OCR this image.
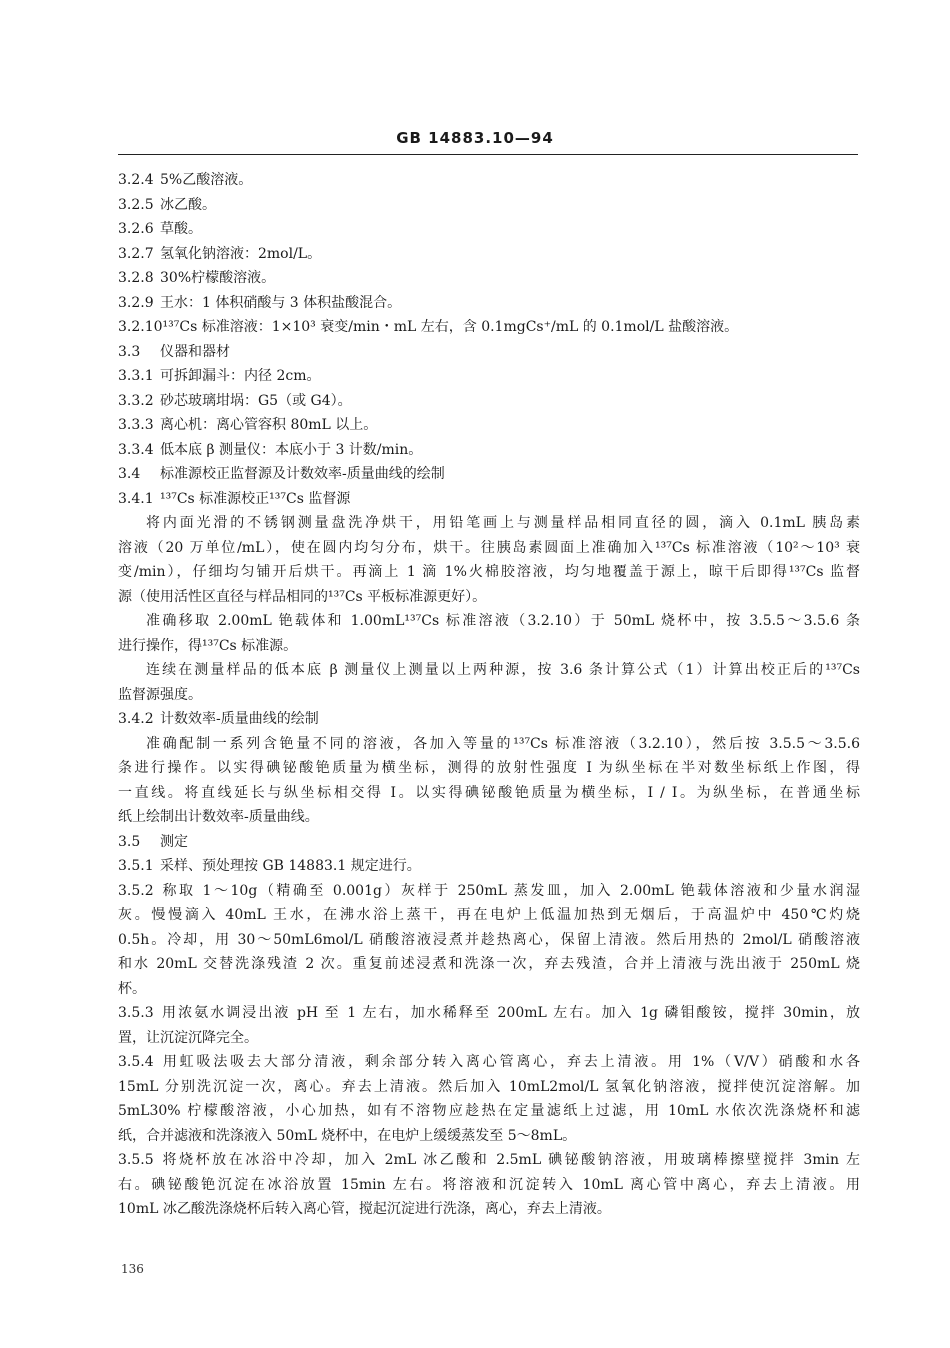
GB 14883.10—94
3.2.4 5%乙酸溶液。
3.2.5 冰乙酸。
3.2.6 草酸。
3.2.7 氢氧化钠溶液：2mol/L。
3.2.8 30%柠檬酸溶液。
3.2.9 王水：1 体积硝酸与 3 体积盐酸混合。
3.2.10¹³⁷Cs 标准溶液：1×10³ 衰变/min・mL 左右，含 0.1mgCs⁺/mL 的 0.1mol/L 盐酸溶液。
3.3 仪器和器材
3.3.1 可拆卸漏斗：内径 2cm。
3.3.2 砂芯玻璃坩埚：G5（或 G4）。
3.3.3 离心机：离心管容积 80mL 以上。
3.3.4 低本底 β 测量仪：本底小于 3 计数/min。
3.4 标准源校正监督源及计数效率-质量曲线的绘制
3.4.1 ¹³⁷Cs 标准源校正¹³⁷Cs 监督源
将内面光滑的不锈钢测量盘洗净烘干，用铅笔画上与测量样品相同直径的圆，滴入 0.1mL 胰岛素
溶液（20 万单位/mL），使在圆内均匀分布，烘干。往胰岛素圆面上准确加入¹³⁷Cs 标准溶液（10²～10³ 衰
变/min），仔细均匀铺开后烘干。再滴上 1 滴 1%火棉胶溶液，均匀地覆盖于源上，晾干后即得¹³⁷Cs 监督
源（使用活性区直径与样品相同的¹³⁷Cs 平板标准源更好）。
准确移取 2.00mL 铯载体和 1.00mL¹³⁷Cs 标准溶液（3.2.10）于 50mL 烧杯中，按 3.5.5～3.5.6 条
进行操作，得¹³⁷Cs 标准源。
连续在测量样品的低本底 β 测量仪上测量以上两种源，按 3.6 条计算公式（1）计算出校正后的¹³⁷Cs
监督源强度。
3.4.2 计数效率-质量曲线的绘制
准确配制一系列含铯量不同的溶液，各加入等量的¹³⁷Cs 标准溶液（3.2.10），然后按 3.5.5～3.5.6
条进行操作。以实得碘铋酸铯质量为横坐标，测得的放射性强度 I 为纵坐标在半对数坐标纸上作图，得
一直线。将直线延长与纵坐标相交得 I。以实得碘铋酸铯质量为横坐标，I / I。为纵坐标，在普通坐标
纸上绘制出计数效率-质量曲线。
3.5 测定
3.5.1 采样、预处理按 GB 14883.1 规定进行。
3.5.2 称取 1～10g（精确至 0.001g）灰样于 250mL 蒸发皿，加入 2.00mL 铯载体溶液和少量水润湿
灰。慢慢滴入 40mL 王水，在沸水浴上蒸干，再在电炉上低温加热到无烟后，于高温炉中 450℃灼烧
0.5h。冷却，用 30～50mL6mol/L 硝酸溶液浸煮并趁热离心，保留上清液。然后用热的 2mol/L 硝酸溶液
和水 20mL 交替洗涤残渣 2 次。重复前述浸煮和洗涤一次，弃去残渣，合并上清液与洗出液于 250mL 烧
杯。
3.5.3 用浓氨水调浸出液 pH 至 1 左右，加水稀释至 200mL 左右。加入 1g 磷钼酸铵，搅拌 30min，放
置，让沉淀沉降完全。
3.5.4 用虹吸法吸去大部分清液，剩余部分转入离心管离心，弃去上清液。用 1%（V/V）硝酸和水各
15mL 分别洗沉淀一次，离心。弃去上清液。然后加入 10mL2mol/L 氢氧化钠溶液，搅拌使沉淀溶解。加
5mL30% 柠檬酸溶液，小心加热，如有不溶物应趁热在定量滤纸上过滤，用 10mL 水依次洗涤烧杯和滤
纸，合并滤液和洗涤液入 50mL 烧杯中，在电炉上缓缓蒸发至 5～8mL。
3.5.5 将烧杯放在冰浴中冷却，加入 2mL 冰乙酸和 2.5mL 碘铋酸钠溶液，用玻璃棒擦壁搅拌 3min 左
右。碘铋酸铯沉淀在冰浴放置 15min 左右。将溶液和沉淀转入 10mL 离心管中离心，弃去上清液。用
10mL 冰乙酸洗涤烧杯后转入离心管，搅起沉淀进行洗涤，离心，弃去上清液。
136
